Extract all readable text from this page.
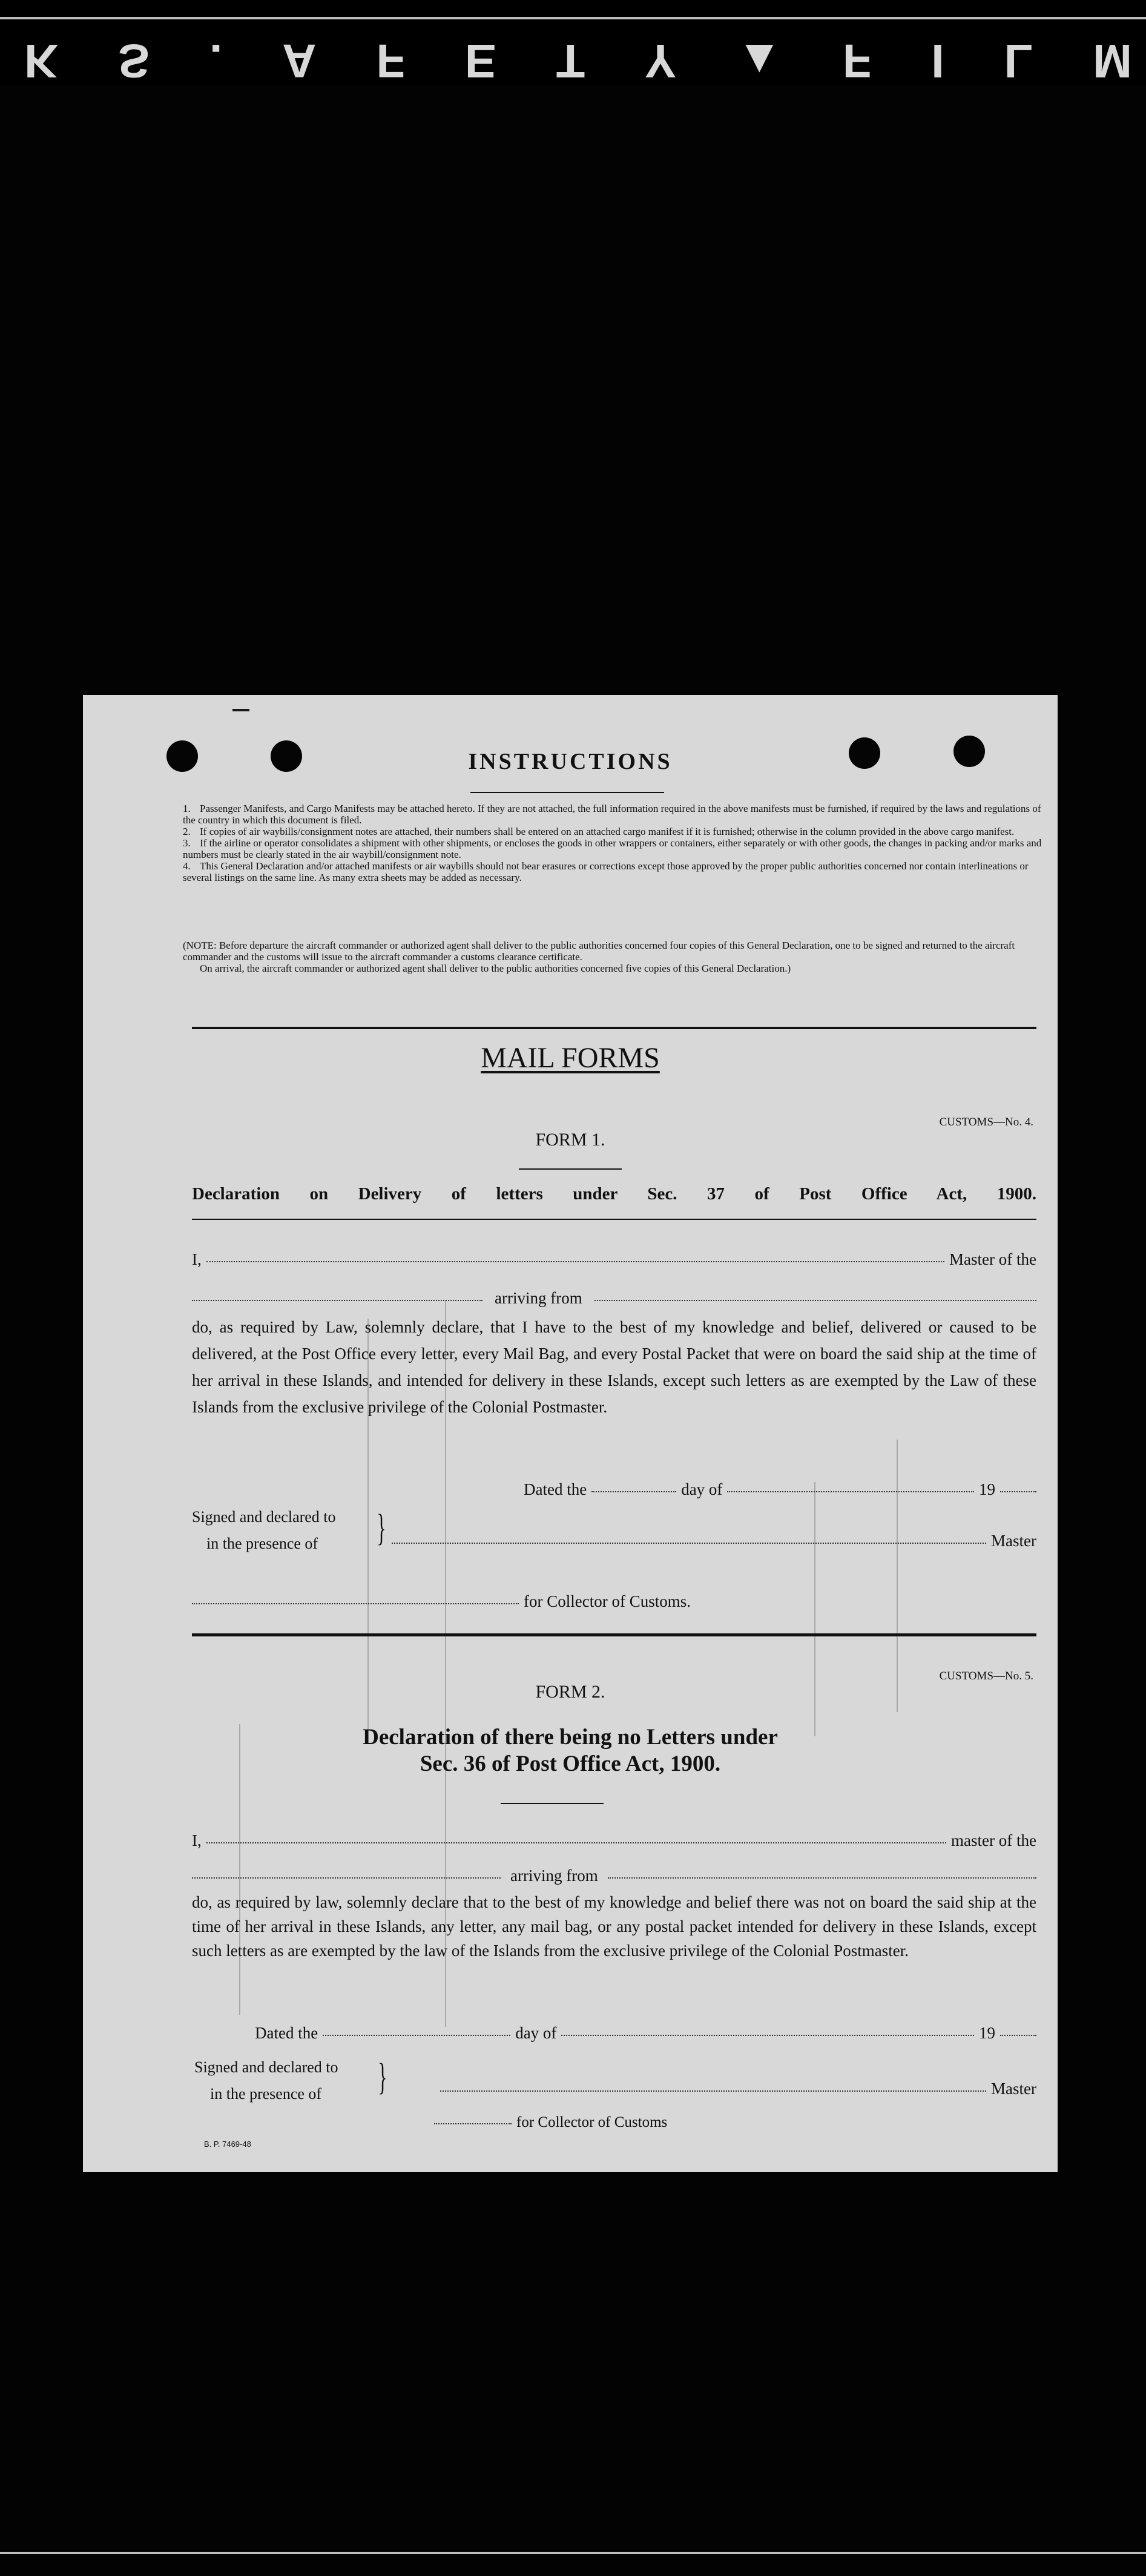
K S . A F E T Y ▲ F I L M
INSTRUCTIONS
1. Passenger Manifests, and Cargo Manifests may be attached hereto. If they are not attached, the full information required in the above manifests must be furnished, if required by the laws and regulations of the country in which this document is filed.
2. If copies of air waybills/consignment notes are attached, their numbers shall be entered on an attached cargo manifest if it is furnished; otherwise in the column provided in the above cargo manifest.
3. If the airline or operator consolidates a shipment with other shipments, or encloses the goods in other wrappers or containers, either separately or with other goods, the changes in packing and/or marks and numbers must be clearly stated in the air waybill/consignment note.
4. This General Declaration and/or attached manifests or air waybills should not bear erasures or corrections except those approved by the proper public authorities concerned nor contain interlineations or several listings on the same line. As many extra sheets may be added as necessary.
(NOTE: Before departure the aircraft commander or authorized agent shall deliver to the public authorities concerned four copies of this General Declaration, one to be signed and returned to the aircraft commander and the customs will issue to the aircraft commander a customs clearance certificate.
On arrival, the aircraft commander or authorized agent shall deliver to the public authorities concerned five copies of this General Declaration.)
MAIL FORMS
CUSTOMS—No. 4.
FORM 1.
Declaration on Delivery of letters under Sec. 37 of Post Office Act, 1900.
I,	Master of the
arriving from
do, as required by Law, solemnly declare, that I have to the best of my knowledge and belief, delivered or caused to be delivered, at the Post Office every letter, every Mail Bag, and every Postal Packet that were on board the said ship at the time of her arrival in these Islands, and intended for delivery in these Islands, except such letters as are exempted by the Law of these Islands from the exclusive privilege of the Colonial Postmaster.
Dated the	day of	19
Signed and declared to
in the presence of	}	Master
for Collector of Customs.
CUSTOMS—No. 5.
FORM 2.
Declaration of there being no Letters under
Sec. 36 of Post Office Act, 1900.
I,	master of the
arriving from
do, as required by law, solemnly declare that to the best of my knowledge and belief there was not on board the said ship at the time of her arrival in these Islands, any letter, any mail bag, or any postal packet intended for delivery in these Islands, except such letters as are exempted by the law of the Islands from the exclusive privilege of the Colonial Postmaster.
Dated the	day of	19
Signed and declared to
in the presence of	}	Master
for Collector of Customs
B. P. 7469-48
